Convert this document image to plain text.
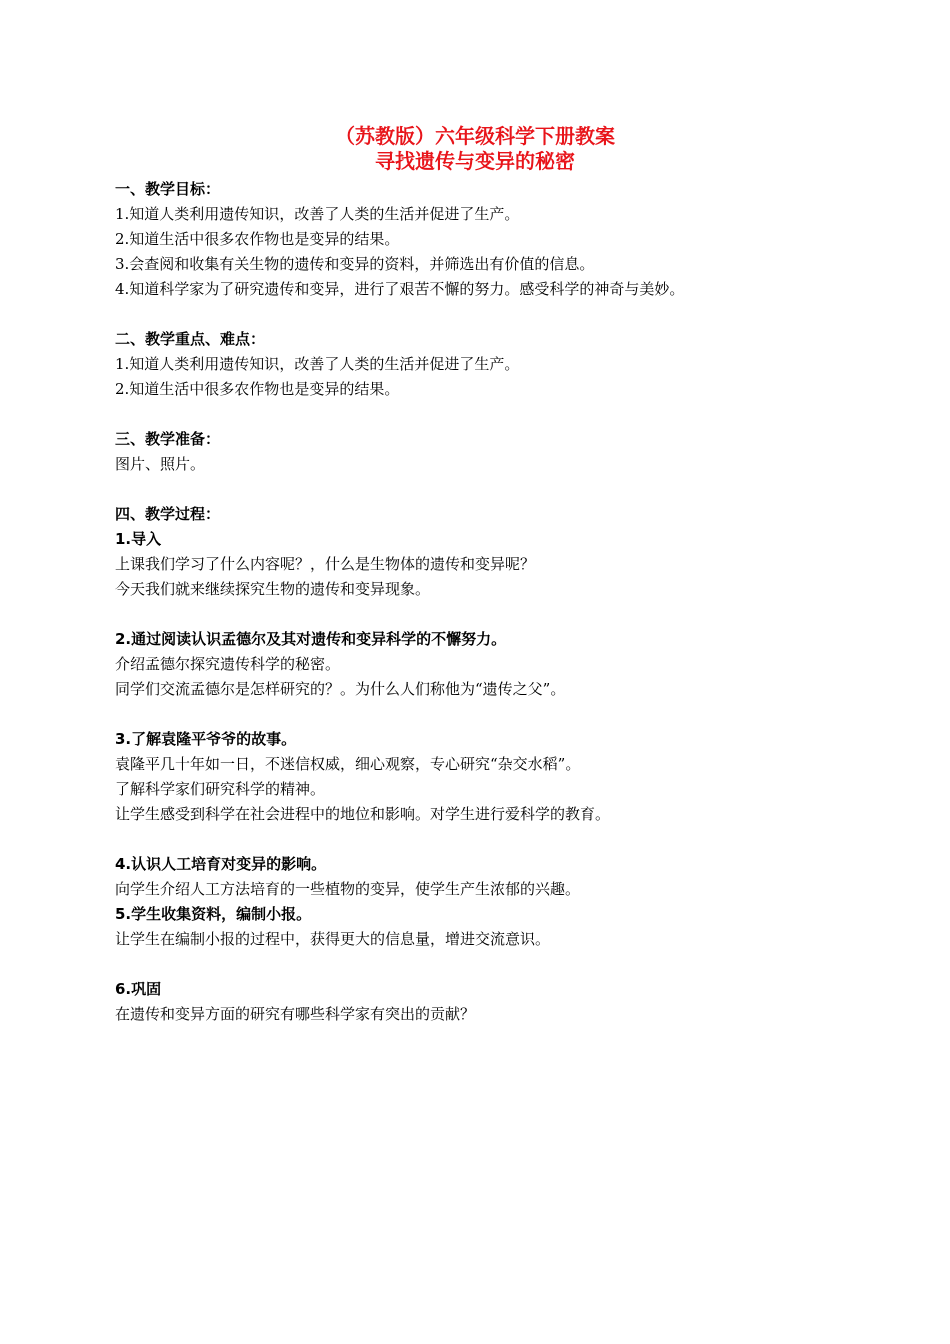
（苏教版）六年级科学下册教案
寻找遗传与变异的秘密
一、教学目标：
1.知道人类利用遗传知识，改善了人类的生活并促进了生产。
2.知道生活中很多农作物也是变异的结果。
3.会查阅和收集有关生物的遗传和变异的资料，并筛选出有价值的信息。
4.知道科学家为了研究遗传和变异，进行了艰苦不懈的努力。感受科学的神奇与美妙。
二、教学重点、难点：
1.知道人类利用遗传知识，改善了人类的生活并促进了生产。
2.知道生活中很多农作物也是变异的结果。
三、教学准备：
图片、照片。
四、教学过程：
1.导入
上课我们学习了什么内容呢？，什么是生物体的遗传和变异呢？
今天我们就来继续探究生物的遗传和变异现象。
2.通过阅读认识孟德尔及其对遗传和变异科学的不懈努力。
介绍孟德尔探究遗传科学的秘密。
同学们交流孟德尔是怎样研究的？。为什么人们称他为“遗传之父”。
3.了解袁隆平爷爷的故事。
袁隆平几十年如一日，不迷信权威，细心观察，专心研究“杂交水稻”。
了解科学家们研究科学的精神。
让学生感受到科学在社会进程中的地位和影响。对学生进行爱科学的教育。
4.认识人工培育对变异的影响。
向学生介绍人工方法培育的一些植物的变异，使学生产生浓郁的兴趣。
5.学生收集资料，编制小报。
让学生在编制小报的过程中，获得更大的信息量，增进交流意识。
6.巩固
在遗传和变异方面的研究有哪些科学家有突出的贡献？
